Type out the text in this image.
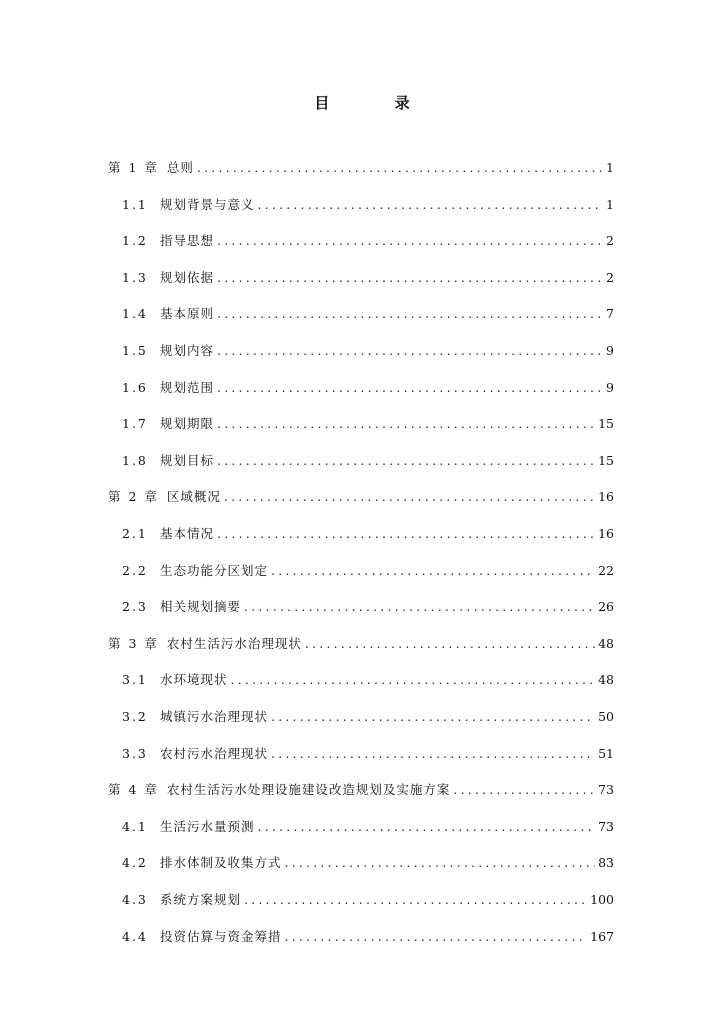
目 录
第 1 章 总则 .....	1
1.1 规划背景与意义 .....	1
1.2 指导思想 .....	2
1.3 规划依据 .....	2
1.4 基本原则 .....	7
1.5 规划内容 .....	9
1.6 规划范围 .....	9
1.7 规划期限 .....	15
1.8 规划目标 .....	15
第 2 章 区域概况 .....	16
2.1 基本情况 .....	16
2.2 生态功能分区划定 .....	22
2.3 相关规划摘要 .....	26
第 3 章 农村生活污水治理现状 .....	48
3.1 水环境现状 .....	48
3.2 城镇污水治理现状 .....	50
3.3 农村污水治理现状 .....	51
第 4 章 农村生活污水处理设施建设改造规划及实施方案 .....	73
4.1 生活污水量预测 .....	73
4.2 排水体制及收集方式 .....	83
4.3 系统方案规划 .....	100
4.4 投资估算与资金筹措 .....	167
